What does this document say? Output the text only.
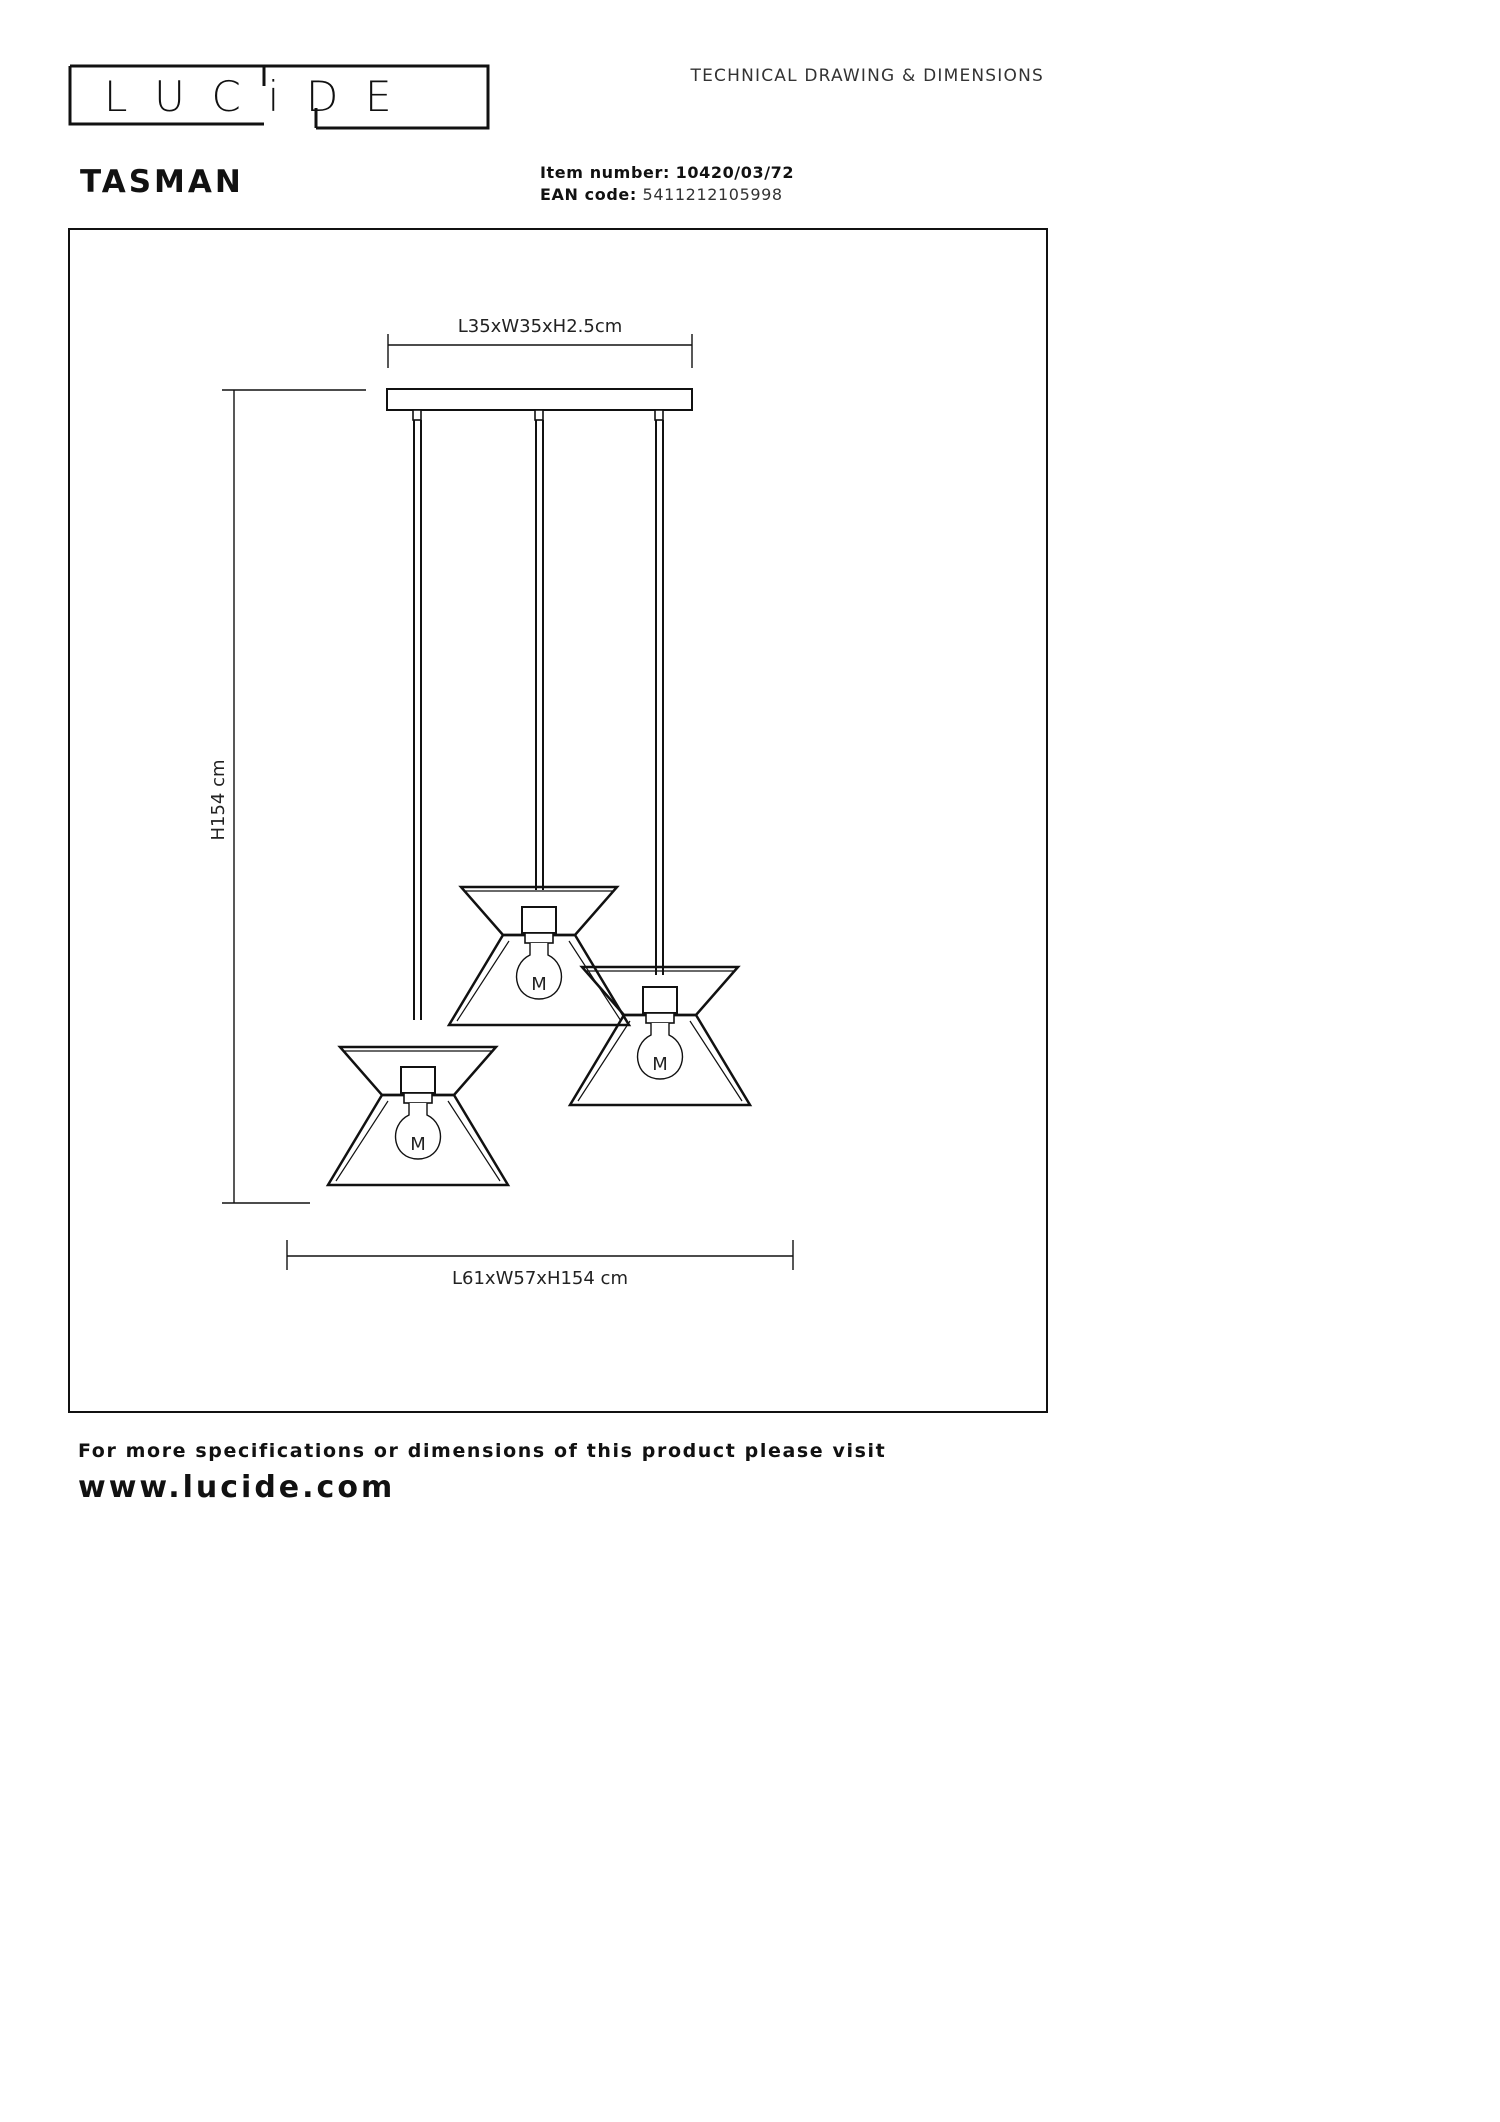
L  U  C  i  D  E	TECHNICAL DRAWING & DIMENSIONS
TASMAN	Item number: 10420/03/72
EAN code: 5411212105998
L35xW35xH2.5cm
M
M
M
H154 cm
L61xW57xH154 cm
For more specifications or dimensions of this product please visit
www.lucide.com
